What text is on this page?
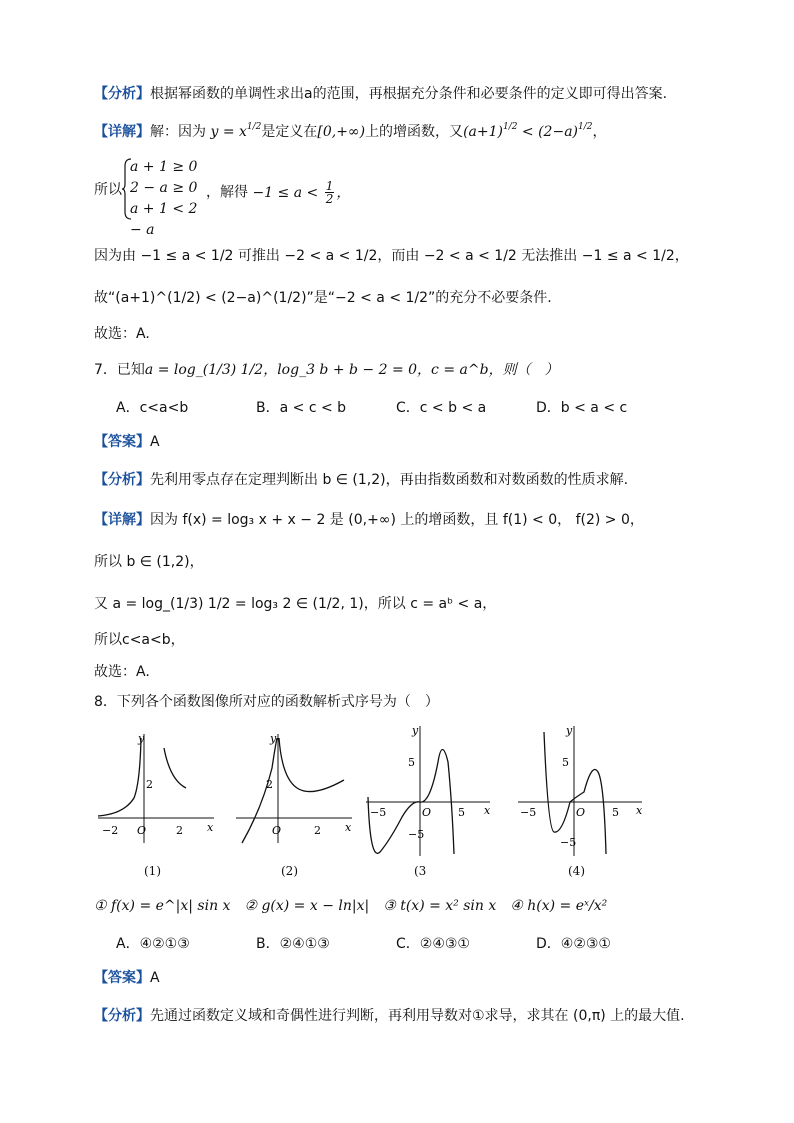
【分析】根据幂函数的单调性求出a的范围，再根据充分条件和必要条件的定义即可得出答案.
【详解】解：因为 $y = x^{1/2}$是定义在[0,+∞)上的增函数，又$(a+1)^{1/2} < (2-a)^{1/2}$，
所以
a + 1 ≥ 0
2 − a ≥ 0
a + 1 < 2 − a
，解得 $-1 \le a < \frac{1}{2}$ ，
因为由 −1 ≤ a < 1/2 可推出 −2 < a < 1/2，而由 −2 < a < 1/2 无法推出 −1 ≤ a < 1/2，
故“(a+1)^(1/2) < (2−a)^(1/2)”是“−2 < a < 1/2”的充分不必要条件.
故选：A.
7．已知a = log_(1/3) 1/2，log_3 b + b − 2 = 0，c = a^b，则（　）
A．c<a<b	B．a < c < b	C．c < b < a	D．b < a < c
【答案】A
【分析】先利用零点存在定理判断出 b ∈ (1,2)，再由指数函数和对数函数的性质求解.
【详解】因为 f(x) = log₃ x + x − 2 是 (0,+∞) 上的增函数，且 f(1) < 0， f(2) > 0，
所以 b ∈ (1,2)，
又 a = log_(1/3) 1/2 = log₃ 2 ∈ (1/2, 1)，所以 c = aᵇ < a，
所以c<a<b，
故选：A.
8．下列各个函数图像所对应的函数解析式序号为（　）
y
x
−2 O	2
2
(1)
y
x
O	2
2
(2)
y
x
−5	O 5
5
−5
(3
y
x
−5	O 5
5
−5
(4)
① f(x) = e^|x| sin x　② g(x) = x − ln|x|　③ t(x) = x² sin x　④ h(x) = eˣ/x²
A．④②①③	B．②④①③	C．②④③①	D．④②③①
【答案】A
【分析】先通过函数定义域和奇偶性进行判断，再利用导数对①求导，求其在 (0,π) 上的最大值.
